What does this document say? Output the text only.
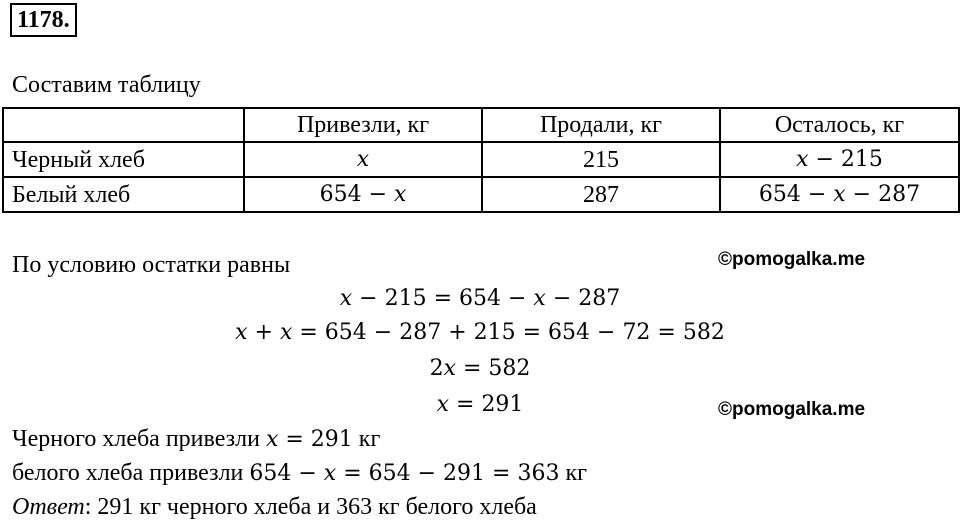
1178.
Составим таблицу
	Привезли, кг	Продали, кг	Осталось, кг
Черный хлеб	𝑥	215	𝑥 − 215
Белый хлеб	654 − 𝑥	287	654 − 𝑥 − 287
По условию остатки равны	©pomogalka.me
𝑥 − 215 = 654 − 𝑥 − 287
𝑥 + 𝑥 = 654 − 287 + 215 = 654 − 72 = 582
2𝑥 = 582
𝑥 = 291	©pomogalka.me
Черного хлеба привезли 𝑥 = 291 кг
белого хлеба привезли 654 − 𝑥 = 654 − 291 = 363 кг
Ответ: 291 кг черного хлеба и 363 кг белого хлеба
